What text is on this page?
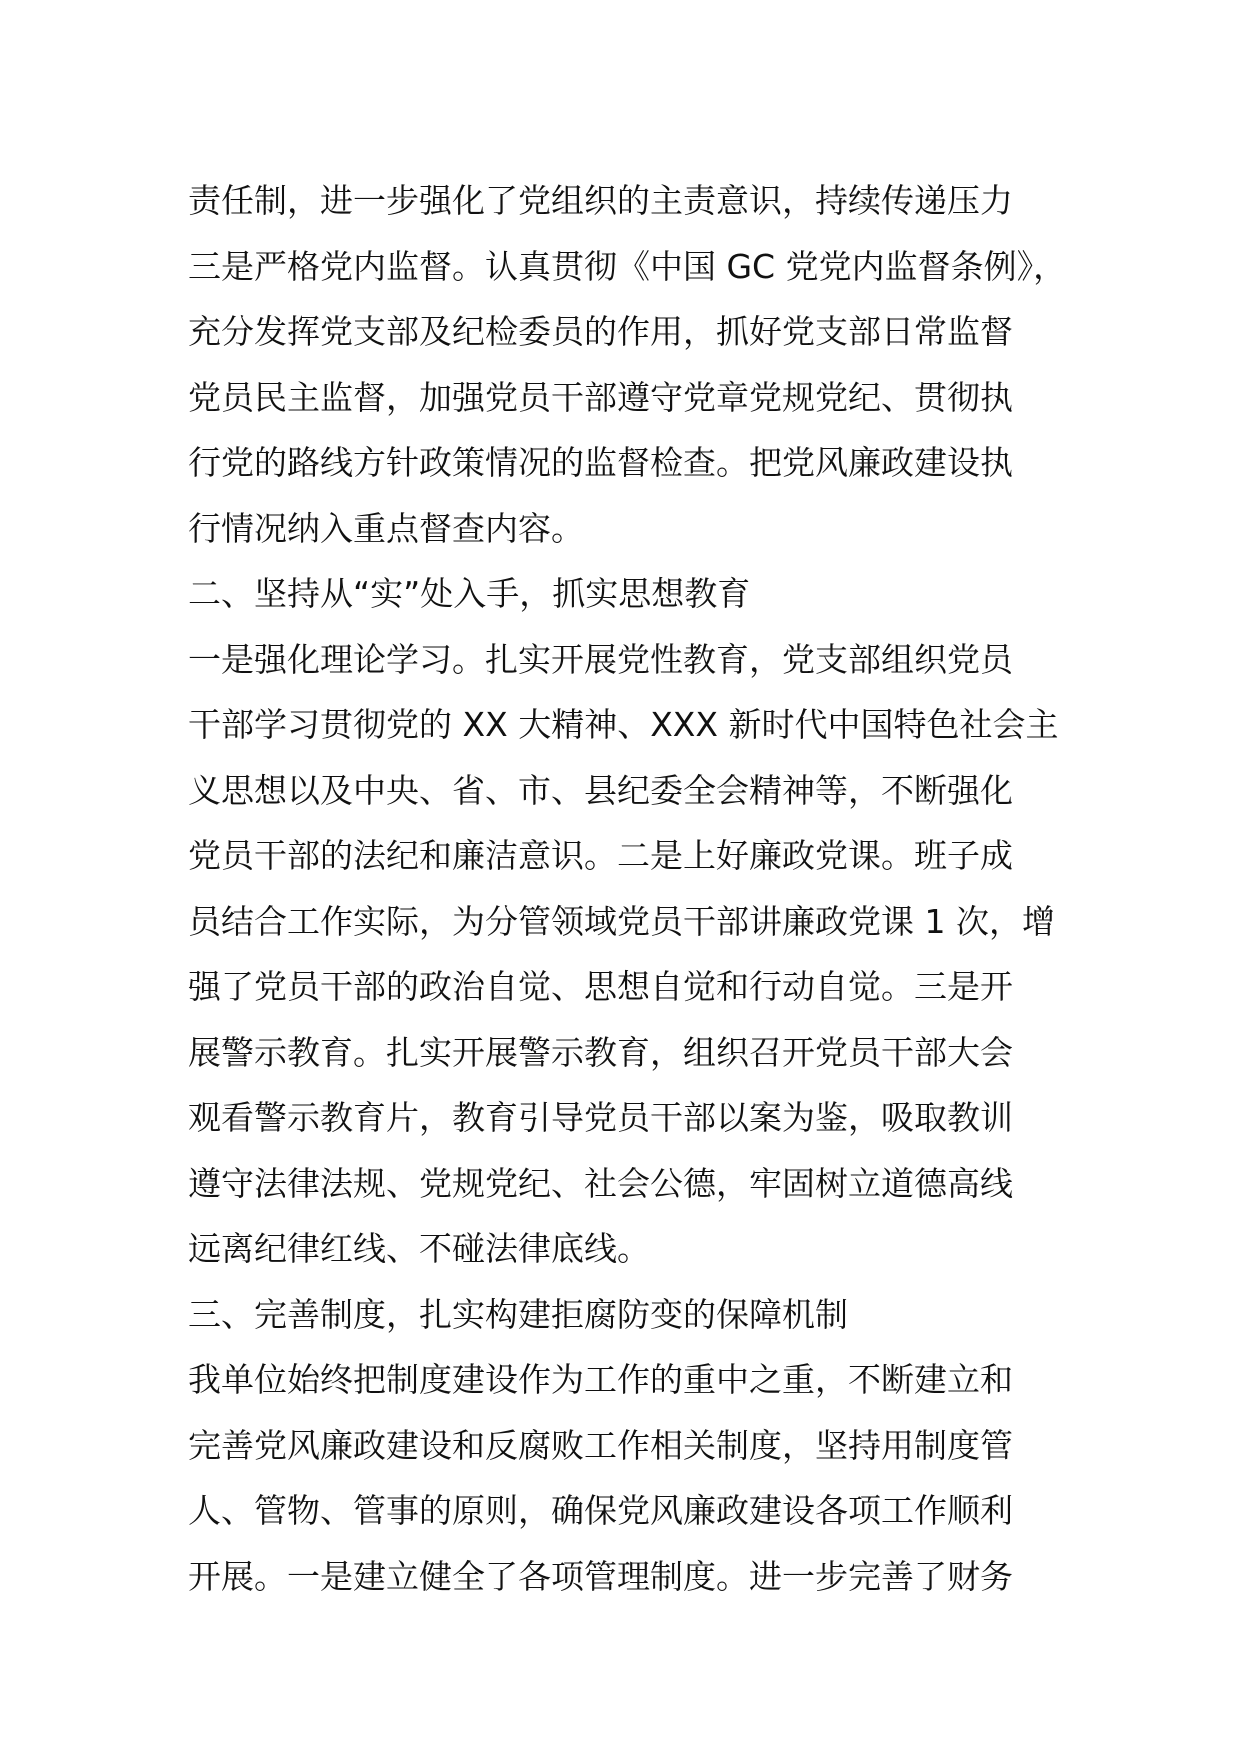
责任制，进一步强化了党组织的主责意识，持续传递压力
三是严格党内监督。认真贯彻《中国 GC 党党内监督条例》，
充分发挥党支部及纪检委员的作用，抓好党支部日常监督
党员民主监督，加强党员干部遵守党章党规党纪、贯彻执
行党的路线方针政策情况的监督检查。把党风廉政建设执
行情况纳入重点督查内容。
二、坚持从“实”处入手，抓实思想教育
一是强化理论学习。扎实开展党性教育，党支部组织党员
干部学习贯彻党的 XX 大精神、XXX 新时代中国特色社会主
义思想以及中央、省、市、县纪委全会精神等，不断强化
党员干部的法纪和廉洁意识。二是上好廉政党课。班子成
员结合工作实际，为分管领域党员干部讲廉政党课 1 次，增
强了党员干部的政治自觉、思想自觉和行动自觉。三是开
展警示教育。扎实开展警示教育，组织召开党员干部大会
观看警示教育片，教育引导党员干部以案为鉴，吸取教训
遵守法律法规、党规党纪、社会公德，牢固树立道德高线
远离纪律红线、不碰法律底线。
三、完善制度，扎实构建拒腐防变的保障机制
我单位始终把制度建设作为工作的重中之重，不断建立和
完善党风廉政建设和反腐败工作相关制度，坚持用制度管
人、管物、管事的原则，确保党风廉政建设各项工作顺利
开展。一是建立健全了各项管理制度。进一步完善了财务
